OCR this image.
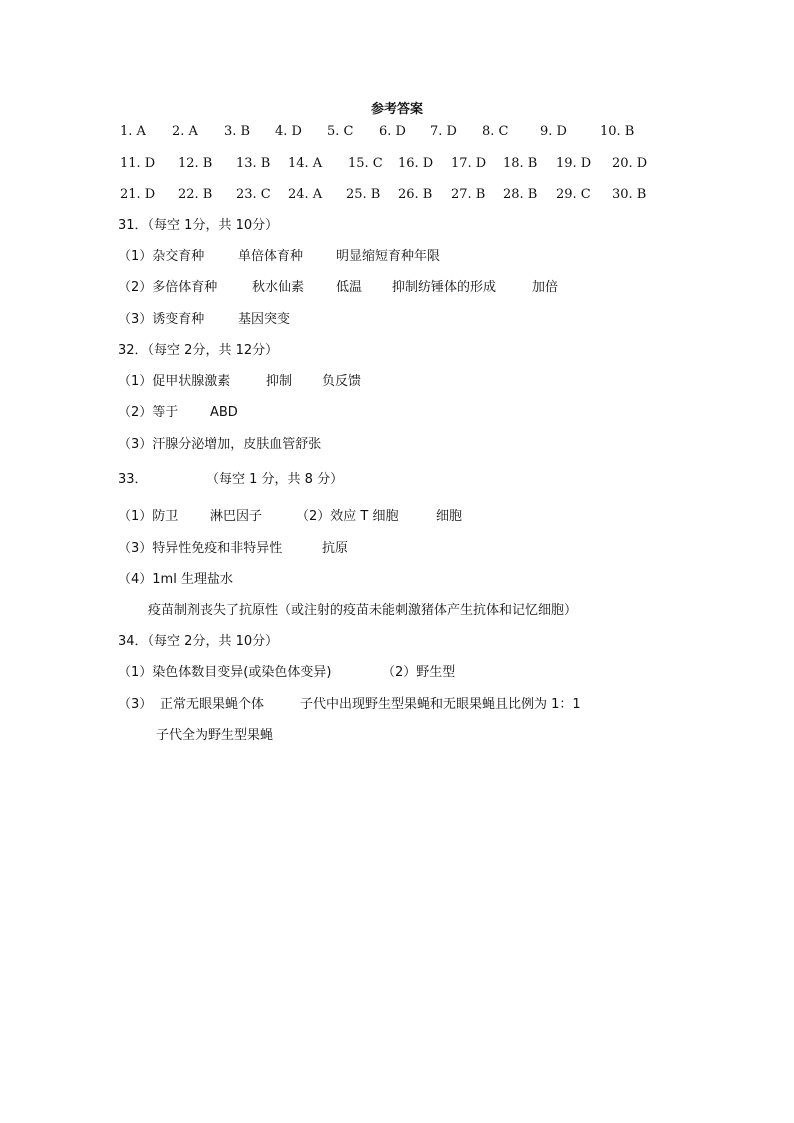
参考答案
1. A 2. A 3. B 4. D 5. C 6. D 7. D 8. C 9. D	10. B
11. D 12. B 13. B 14. A 15. C 16. D 17. D 18. B 19. D 20. D
21. D 22. B 23. C 24. A 25. B 26. B 27. B 28. B 29. C 30. B
31．（每空 1分，共 10分）
（1）杂交育种	单倍体育种	明显缩短育种年限
（2）多倍体育种	秋水仙素 低温 抑制纺锤体的形成	加倍
（3）诱变育种	基因突变
32．（每空 2分，共 12分）
（1）促甲状腺激素	抑制 负反馈
（2）等于 ABD
（3）汗腺分泌增加，皮肤血管舒张
33．	（每空 1 分，共 8 分）
（1）防卫 淋巴因子	（2）效应 T 细胞	细胞
（3）特异性免疫和非特异性	抗原
（4）1ml 生理盐水
疫苗制剂丧失了抗原性（或注射的疫苗未能刺激猪体产生抗体和记忆细胞）
34．（每空 2分，共 10分）
（1）染色体数目变异(或染色体变异)	（2）野生型
（3） 正常无眼果蝇个体	子代中出现野生型果蝇和无眼果蝇且比例为 1：1
子代全为野生型果蝇
